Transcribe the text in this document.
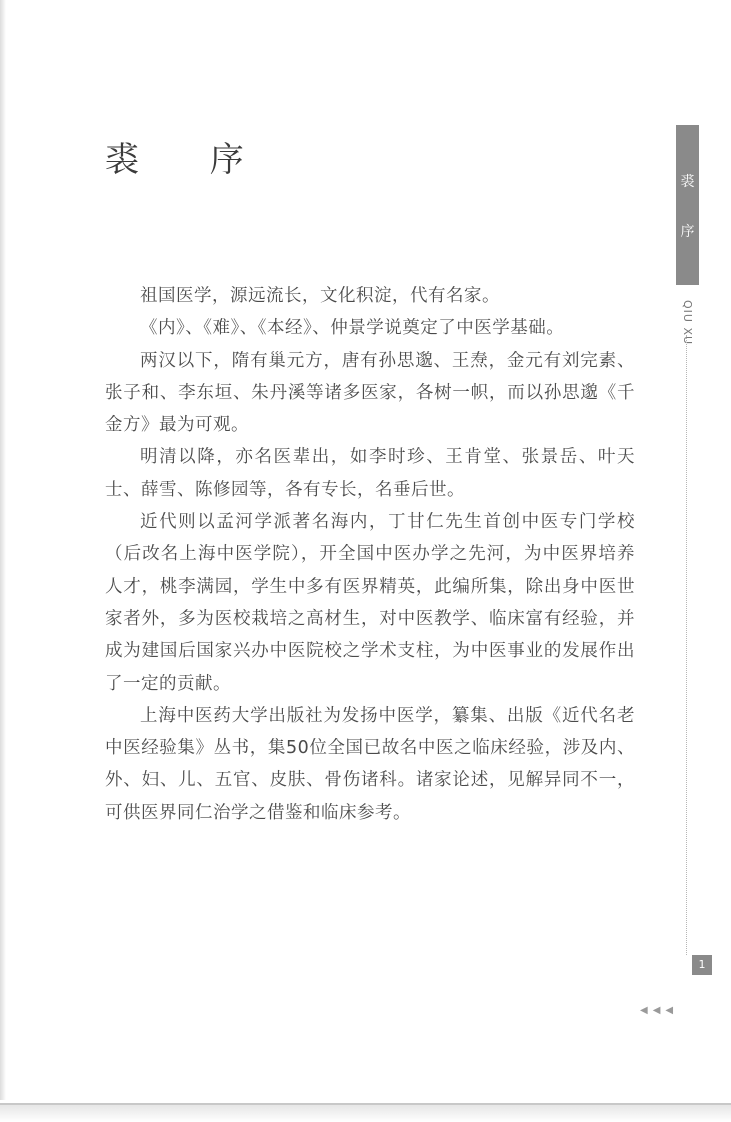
裘 序
裘
序
QIU XU

祖国医学，源远流长，文化积淀，代有名家。

《内》、《难》、《本经》、仲景学说奠定了中医学基础。

两汉以下，隋有巢元方，唐有孙思邈、王焘，金元有刘完素、张子和、李东垣、朱丹溪等诸多医家，各树一帜，而以孙思邈《千金方》最为可观。

明清以降，亦名医辈出，如李时珍、王肯堂、张景岳、叶天士、薛雪、陈修园等，各有专长，名垂后世。

近代则以孟河学派著名海内，丁甘仁先生首创中医专门学校（后改名上海中医学院），开全国中医办学之先河，为中医界培养人才，桃李满园，学生中多有医界精英，此编所集，除出身中医世家者外，多为医校栽培之高材生，对中医教学、临床富有经验，并成为建国后国家兴办中医院校之学术支柱，为中医事业的发展作出了一定的贡献。

上海中医药大学出版社为发扬中医学，纂集、出版《近代名老中医经验集》丛书，集50位全国已故名中医之临床经验，涉及内、外、妇、儿、五官、皮肤、骨伤诸科。诸家论述，见解异同不一，可供医界同仁治学之借鉴和临床参考。

1
◀◀◀
